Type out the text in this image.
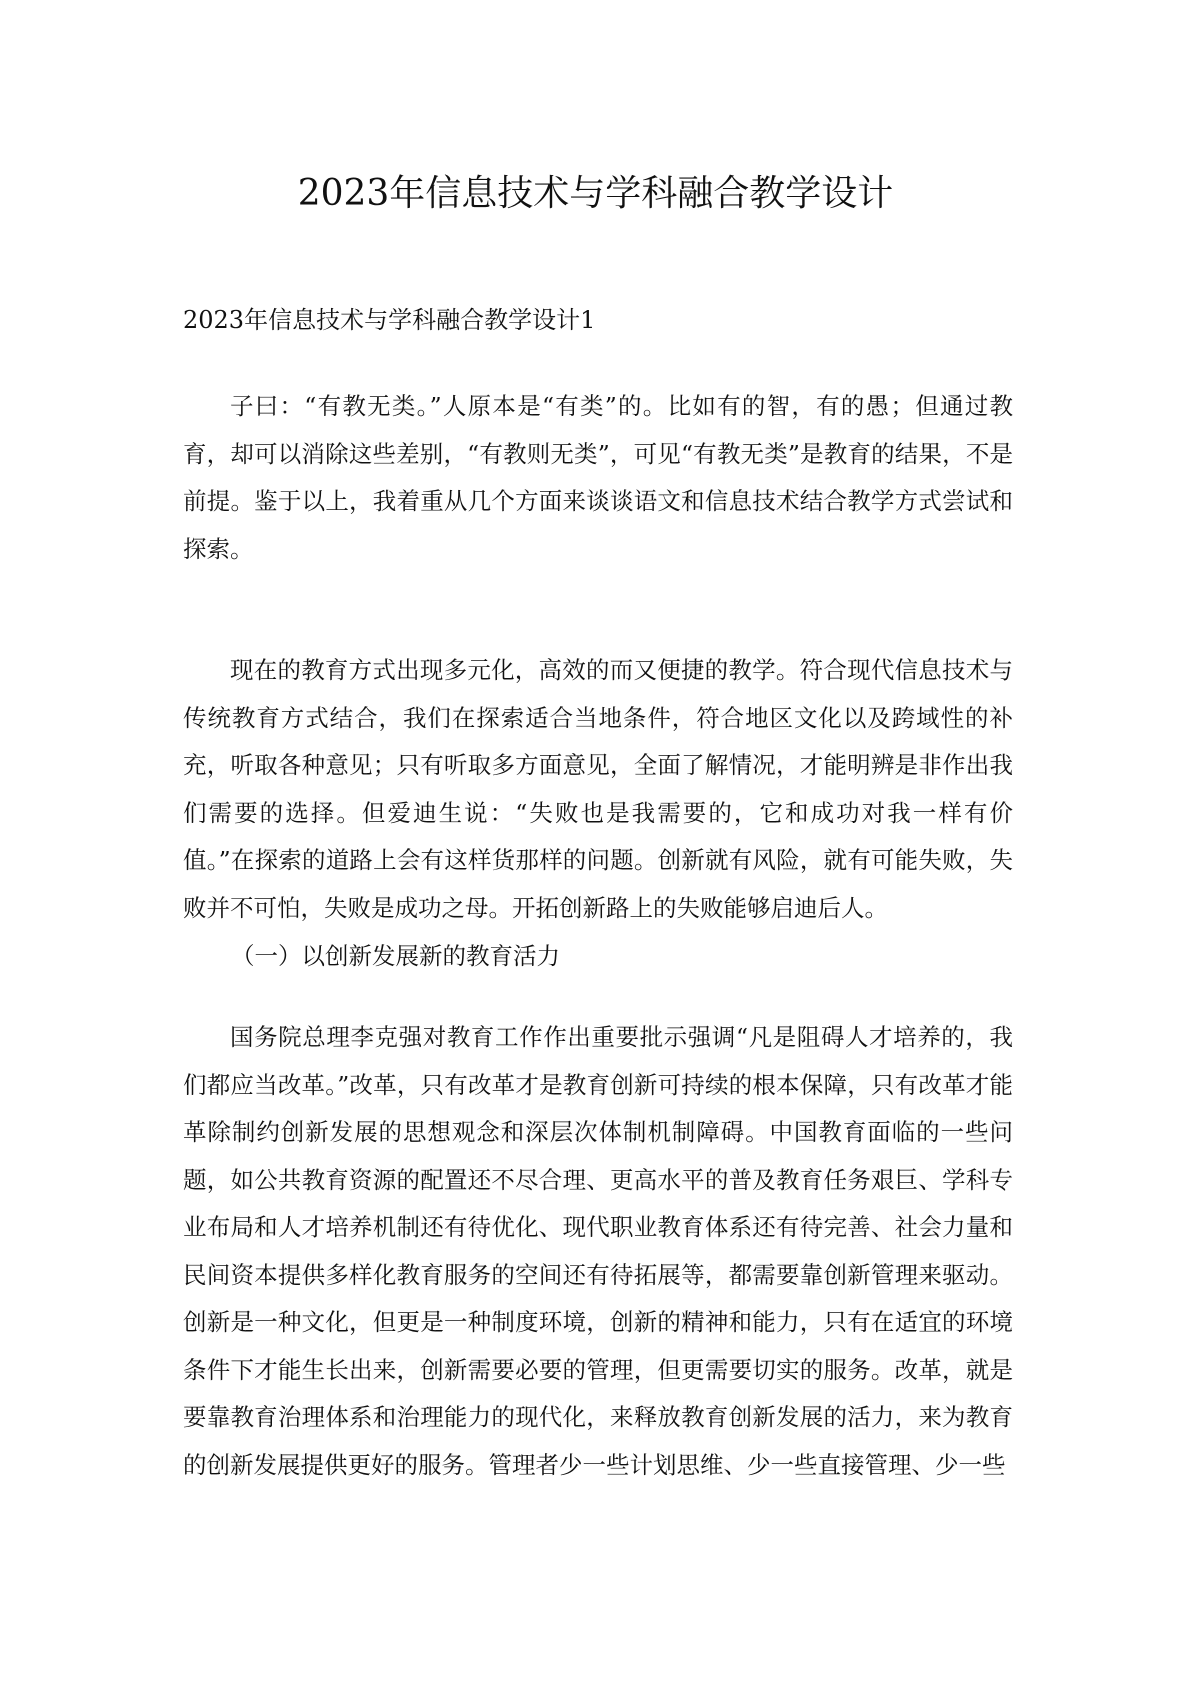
2023年信息技术与学科融合教学设计
2023年信息技术与学科融合教学设计1

子曰：“有教无类。”人原本是“有类”的。比如有的智，有的愚；但通过教育，却可以消除这些差别，“有教则无类”，可见“有教无类”是教育的结果，不是前提。鉴于以上，我着重从几个方面来谈谈语文和信息技术结合教学方式尝试和探索。

现在的教育方式出现多元化，高效的而又便捷的教学。符合现代信息技术与传统教育方式结合，我们在探索适合当地条件，符合地区文化以及跨域性的补充，听取各种意见；只有听取多方面意见，全面了解情况，才能明辨是非作出我们需要的选择。但爱迪生说：“失败也是我需要的，它和成功对我一样有价值。”在探索的道路上会有这样货那样的问题。创新就有风险，就有可能失败，失败并不可怕，失败是成功之母。开拓创新路上的失败能够启迪后人。

（一）以创新发展新的教育活力

国务院总理李克强对教育工作作出重要批示强调“凡是阻碍人才培养的，我们都应当改革。”改革，只有改革才是教育创新可持续的根本保障，只有改革才能革除制约创新发展的思想观念和深层次体制机制障碍。中国教育面临的一些问题，如公共教育资源的配置还不尽合理、更高水平的普及教育任务艰巨、学科专业布局和人才培养机制还有待优化、现代职业教育体系还有待完善、社会力量和民间资本提供多样化教育服务的空间还有待拓展等，都需要靠创新管理来驱动。创新是一种文化，但更是一种制度环境，创新的精神和能力，只有在适宜的环境条件下才能生长出来，创新需要必要的管理，但更需要切实的服务。改革，就是要靠教育治理体系和治理能力的现代化，来释放教育创新发展的活力，来为教育的创新发展提供更好的服务。管理者少一些计划思维、少一些直接管理、少一些
